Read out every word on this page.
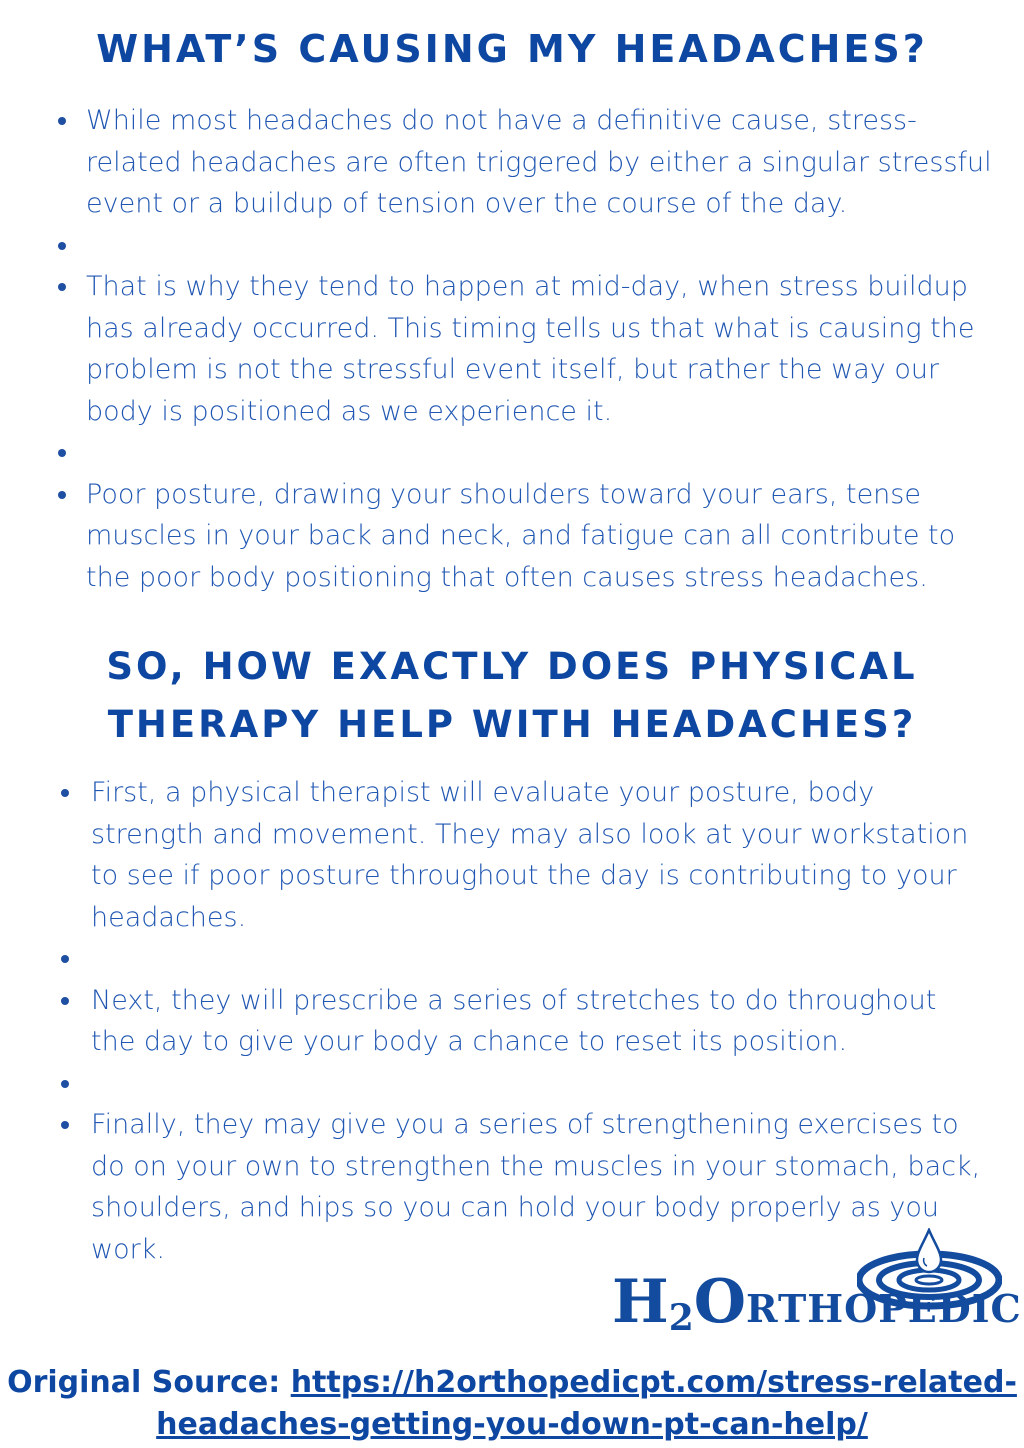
WHAT’S CAUSING MY HEADACHES?
While most headaches do not have a definitive cause, stress-related headaches are often triggered by either a singular stressful event or a buildup of tension over the course of the day.
That is why they tend to happen at mid-day, when stress buildup has already occurred. This timing tells us that what is causing the problem is not the stressful event itself, but rather the way our body is positioned as we experience it.
Poor posture, drawing your shoulders toward your ears, tense muscles in your back and neck, and fatigue can all contribute to the poor body positioning that often causes stress headaches.
SO, HOW EXACTLY DOES PHYSICAL THERAPY HELP WITH HEADACHES?
First, a physical therapist will evaluate your posture, body strength and movement. They may also look at your workstation to see if poor posture throughout the day is contributing to your headaches.
Next, they will prescribe a series of stretches to do throughout the day to give your body a chance to reset its position.
Finally, they may give you a series of strengthening exercises to do on your own to strengthen the muscles in your stomach, back, shoulders, and hips so you can hold your body properly as you work.
H2ORTHOPEDIC
Original Source: https://h2orthopedicpt.com/stress-related-headaches-getting-you-down-pt-can-help/
